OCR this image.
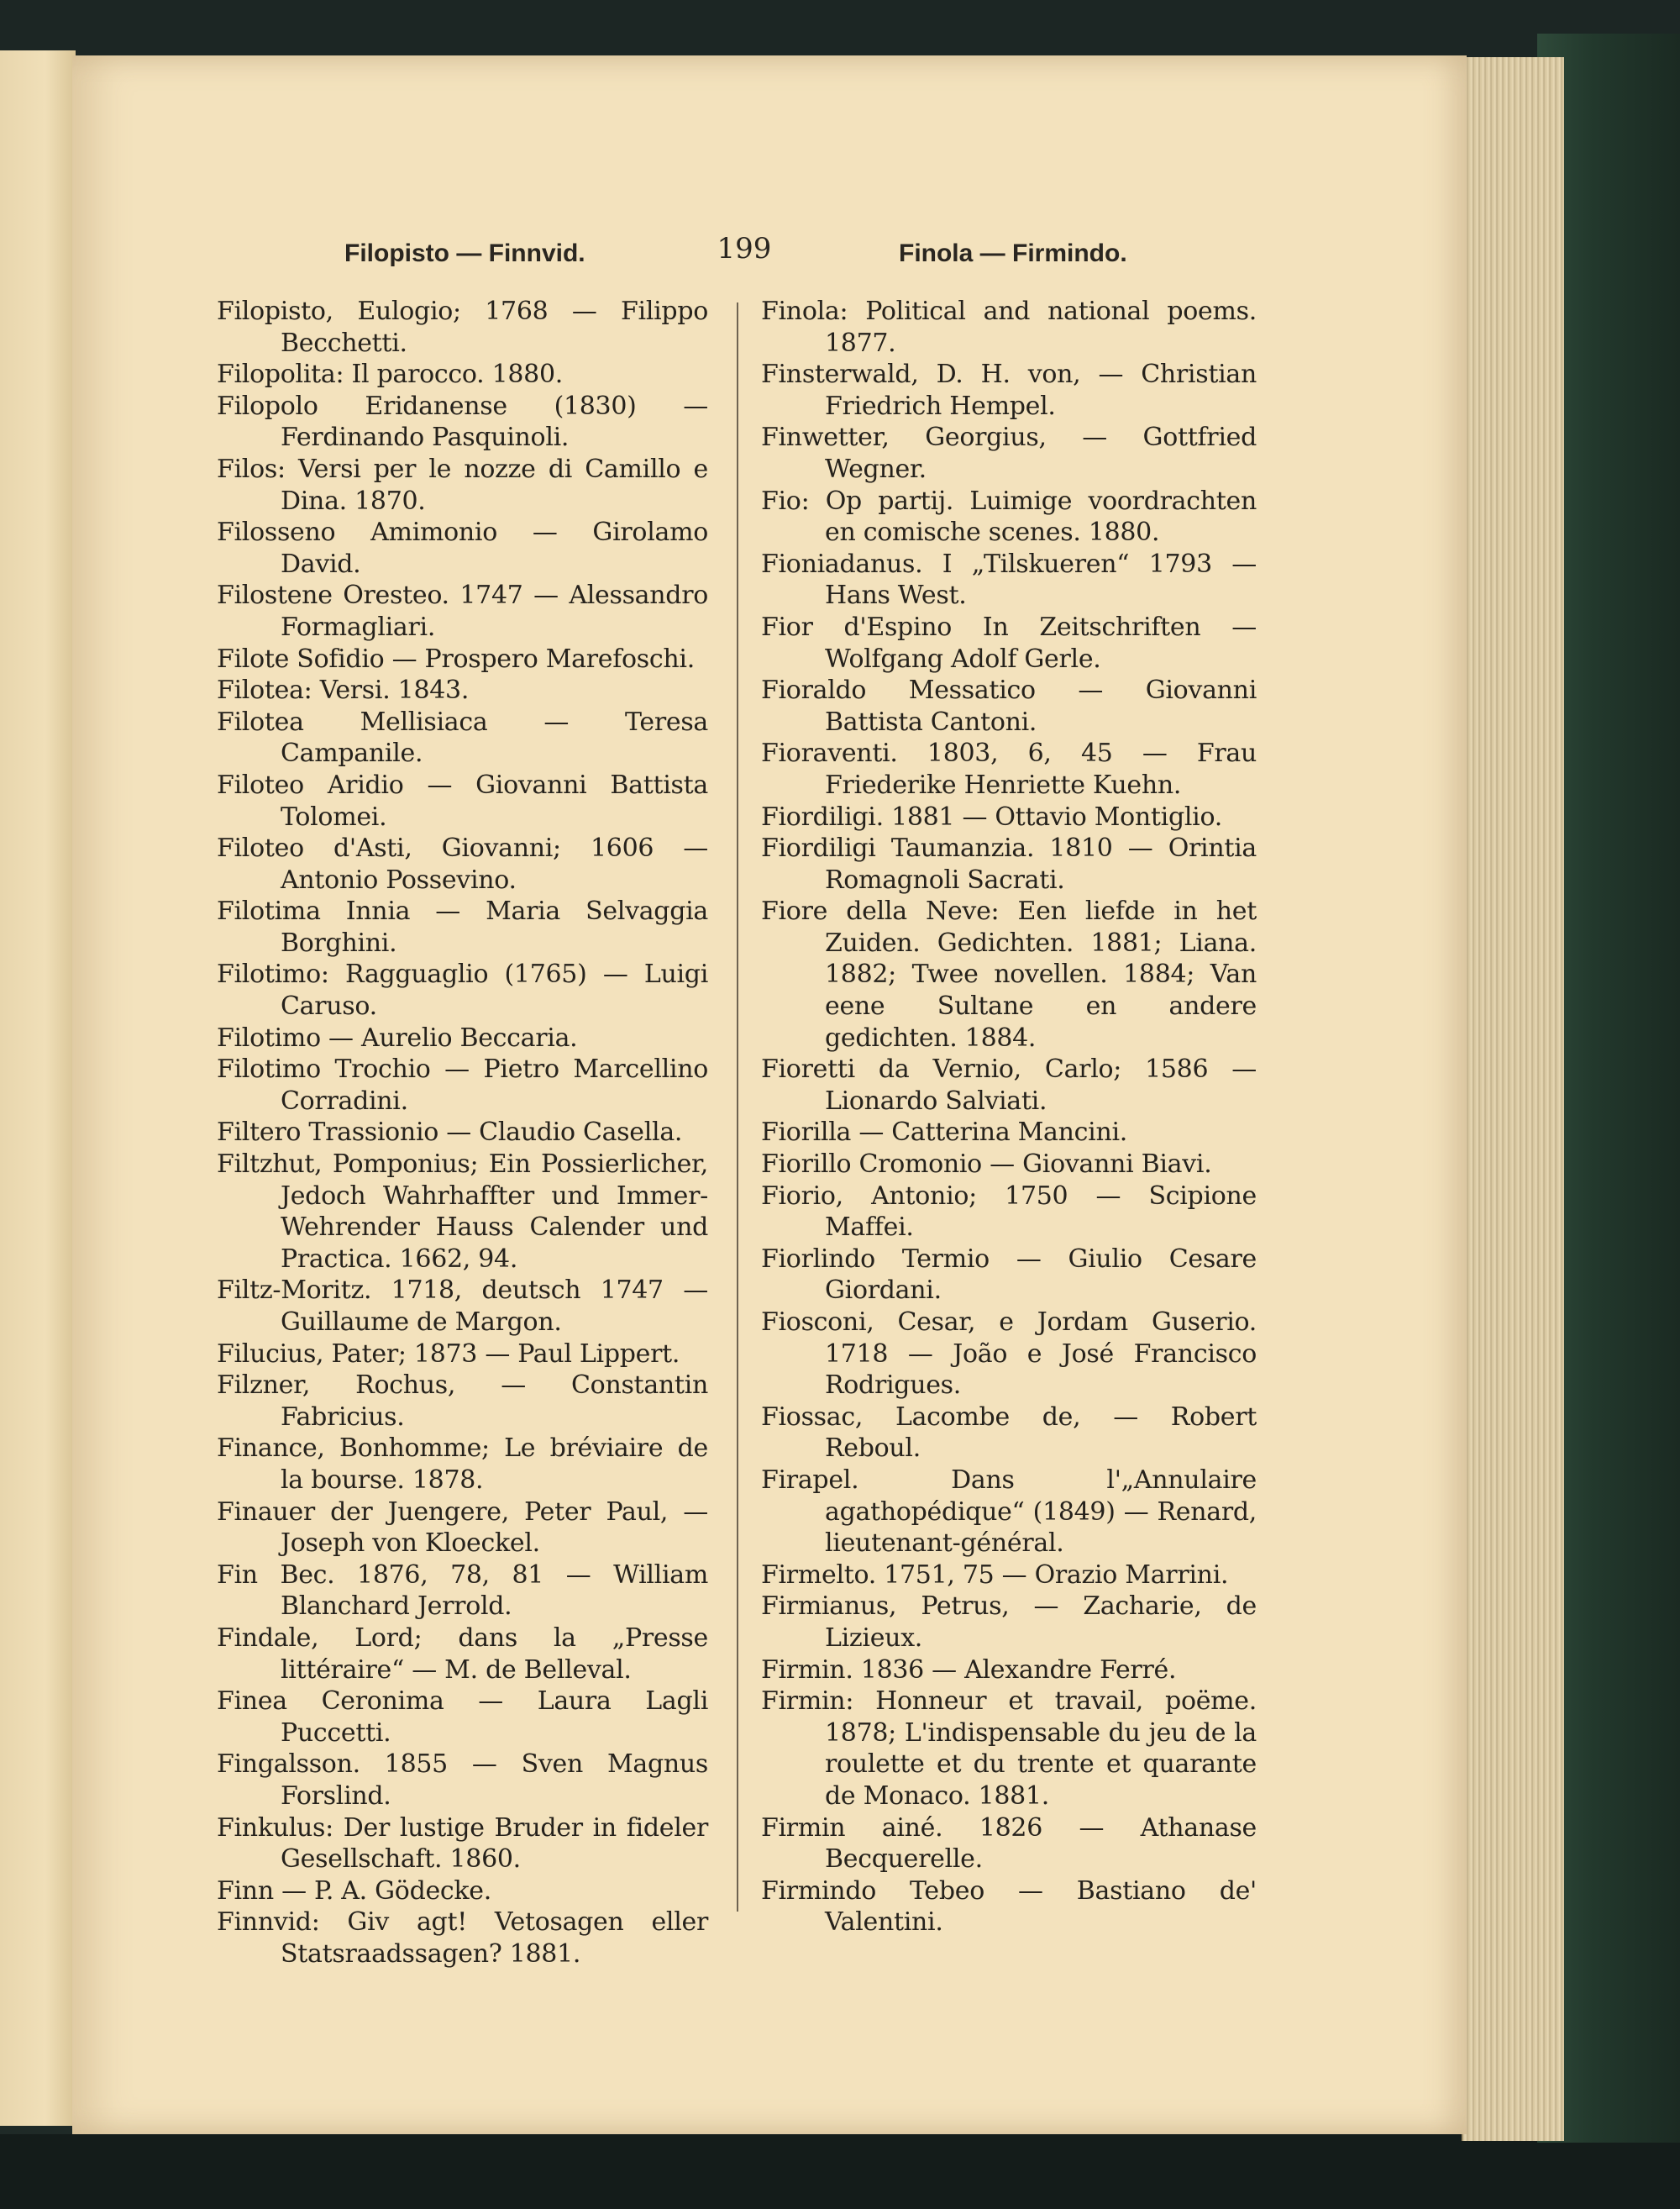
Filopisto — Finnvid.	199	Finola — Firmindo.

Filopisto, Eulogio; 1768 — Filippo Becchetti.

Filopolita: Il parocco. 1880.

Filopolo Eridanense (1830) — Ferdinando Pasquinoli.

Filos: Versi per le nozze di Camillo e Dina. 1870.

Filosseno Amimonio — Girolamo David.

Filostene Oresteo. 1747 — Alessandro Formagliari.

Filote Sofidio — Prospero Marefoschi.

Filotea: Versi. 1843.

Filotea Mellisiaca — Teresa Campanile.

Filoteo Aridio — Giovanni Battista Tolomei.

Filoteo d'Asti, Giovanni; 1606 — Antonio Possevino.

Filotima Innia — Maria Selvaggia Borghini.

Filotimo: Ragguaglio (1765) — Luigi Caruso.

Filotimo — Aurelio Beccaria.

Filotimo Trochio — Pietro Marcellino Corradini.

Filtero Trassionio — Claudio Casella.

Filtzhut, Pomponius; Ein Possierlicher, Jedoch Wahrhaffter und Immer-Wehrender Hauss Calender und Practica. 1662, 94.

Filtz-Moritz. 1718, deutsch 1747 — Guillaume de Margon.

Filucius, Pater; 1873 — Paul Lippert.

Filzner, Rochus, — Constantin Fabricius.

Finance, Bonhomme; Le bréviaire de la bourse. 1878.

Finauer der Juengere, Peter Paul, — Joseph von Kloeckel.

Fin Bec. 1876, 78, 81 — William Blanchard Jerrold.

Findale, Lord; dans la „Presse littéraire“ — M. de Belleval.

Finea Ceronima — Laura Lagli Puccetti.

Fingalsson. 1855 — Sven Magnus Forslind.

Finkulus: Der lustige Bruder in fideler Gesellschaft. 1860.

Finn — P. A. Gödecke.

Finnvid: Giv agt! Vetosagen eller Statsraadssagen? 1881.

Finola: Political and national poems. 1877.

Finsterwald, D. H. von, — Christian Friedrich Hempel.

Finwetter, Georgius, — Gottfried Wegner.

Fio: Op partij. Luimige voordrachten en comische scenes. 1880.

Fioniadanus. I „Tilskueren“ 1793 — Hans West.

Fior d'Espino In Zeitschriften — Wolfgang Adolf Gerle.

Fioraldo Messatico — Giovanni Battista Cantoni.

Fioraventi. 1803, 6, 45 — Frau Friederike Henriette Kuehn.

Fiordiligi. 1881 — Ottavio Montiglio.

Fiordiligi Taumanzia. 1810 — Orintia Romagnoli Sacrati.

Fiore della Neve: Een liefde in het Zuiden. Gedichten. 1881; Liana. 1882; Twee novellen. 1884; Van eene Sultane en andere gedichten. 1884.

Fioretti da Vernio, Carlo; 1586 — Lionardo Salviati.

Fiorilla — Catterina Mancini.

Fiorillo Cromonio — Giovanni Biavi.

Fiorio, Antonio; 1750 — Scipione Maffei.

Fiorlindo Termio — Giulio Cesare Giordani.

Fiosconi, Cesar, e Jordam Guserio. 1718 — João e José Francisco Rodrigues.

Fiossac, Lacombe de, — Robert Reboul.

Firapel. Dans l'„Annulaire agathopédique“ (1849) — Renard, lieutenant-général.

Firmelto. 1751, 75 — Orazio Marrini.

Firmianus, Petrus, — Zacharie, de Lizieux.

Firmin. 1836 — Alexandre Ferré.

Firmin: Honneur et travail, poëme. 1878; L'indispensable du jeu de la roulette et du trente et quarante de Monaco. 1881.

Firmin ainé. 1826 — Athanase Becquerelle.

Firmindo Tebeo — Bastiano de' Valentini.
